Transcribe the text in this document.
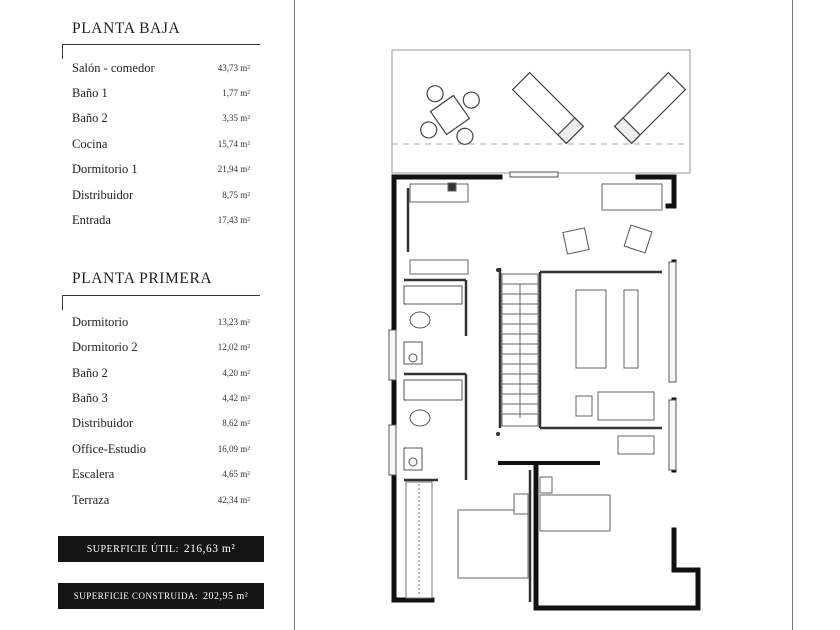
PLANTA BAJA
Salón - comedor	43,73 m²
Baño 1	1,77 m²
Baño 2	3,35 m²
Cocina	15,74 m²
Dormitorio 1	21,94 m²
Distribuidor	8,75 m²
Entrada	17,43 m²
PLANTA PRIMERA
Dormitorio	13,23 m²
Dormitorio 2	12,02 m²
Baño 2	4,20 m²
Baño 3	4,42 m²
Distribuidor	8,62 m²
Office-Estudio	16,09 m²
Escalera	4,65 m²
Terraza	42,34 m²
SUPERFICIE ÚTIL: 216,63 m²
SUPERFICIE CONSTRUIDA: 202,95 m²
